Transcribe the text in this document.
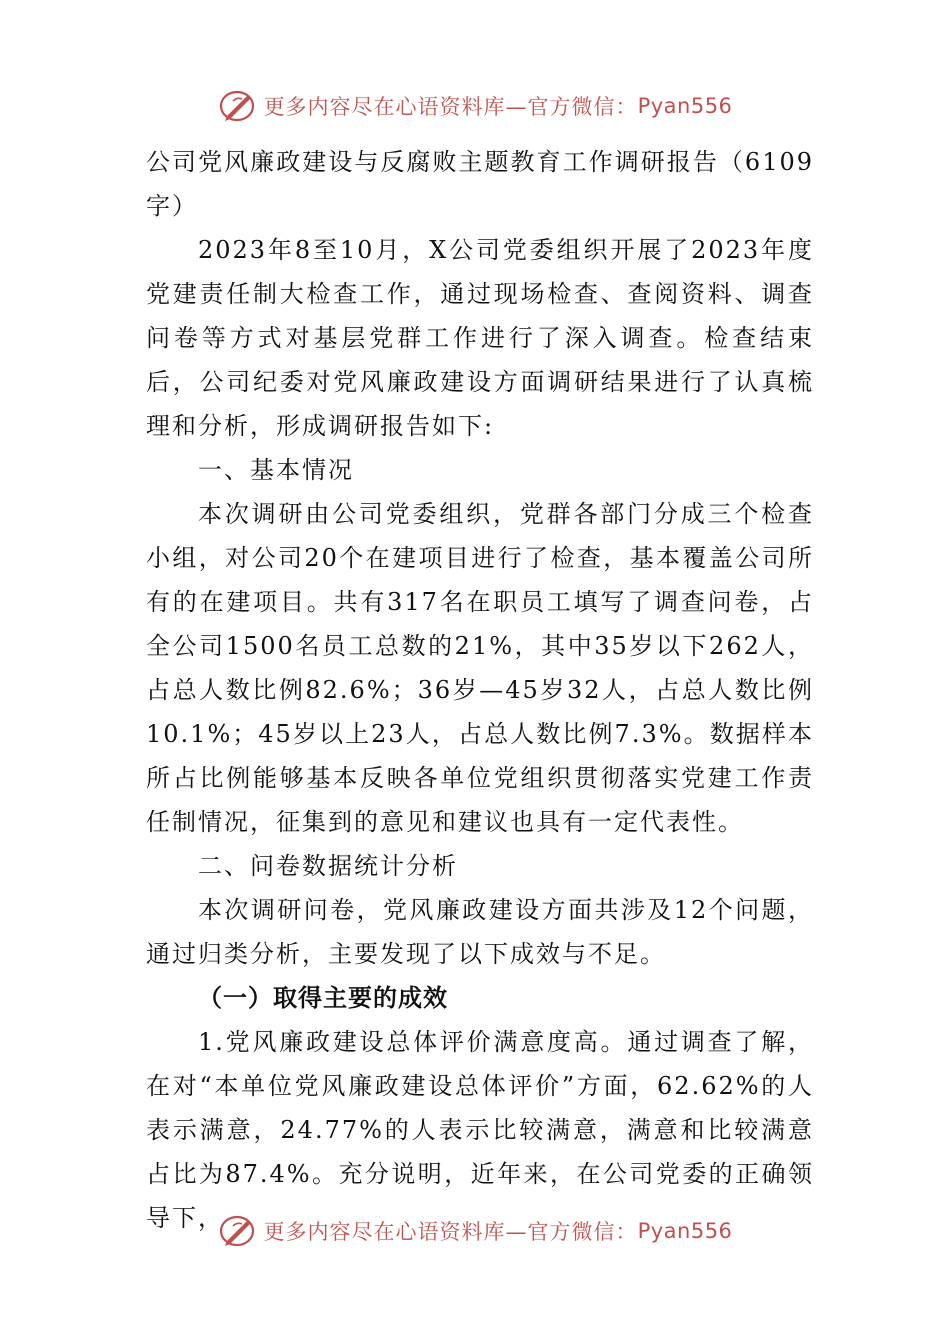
更多内容尽在心语资料库—官方微信： Pyan556

公司党风廉政建设与反腐败主题教育工作调研报告（6109字）

2023年8至10月，X公司党委组织开展了2023年度党建责任制大检查工作，通过现场检查、查阅资料、调查问卷等方式对基层党群工作进行了深入调查。检查结束后，公司纪委对党风廉政建设方面调研结果进行了认真梳理和分析，形成调研报告如下:

一、基本情况

本次调研由公司党委组织，党群各部门分成三个检查小组，对公司20个在建项目进行了检查，基本覆盖公司所有的在建项目。共有317名在职员工填写了调查问卷，占全公司1500名员工总数的21%，其中35岁以下262人，占总人数比例82.6%；36岁—45岁32人，占总人数比例10.1%；45岁以上23人，占总人数比例7.3%。数据样本所占比例能够基本反映各单位党组织贯彻落实党建工作责任制情况，征集到的意见和建议也具有一定代表性。

二、问卷数据统计分析

本次调研问卷，党风廉政建设方面共涉及12个问题，通过归类分析，主要发现了以下成效与不足。

（一）取得主要的成效

1.党风廉政建设总体评价满意度高。通过调查了解，在对“本单位党风廉政建设总体评价”方面，62.62%的人表示满意，24.77%的人表示比较满意，满意和比较满意占比为87.4%。充分说明，近年来，在公司党委的正确领导下，	更多内容尽在心语资料库—官方微信： Pyan556
